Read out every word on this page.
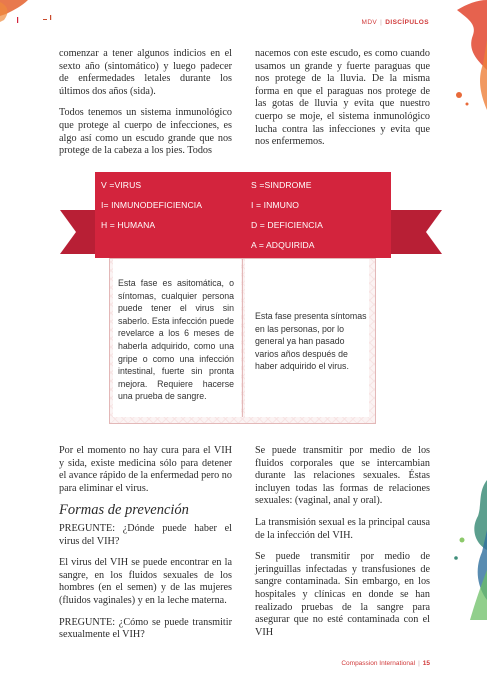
MDV | DISCÍPULOS

comenzar a tener algunos indicios en el sexto año (sintomático) y luego padecer de enfermedades letales durante los últimos dos años (sida).

Todos tenemos un sistema inmunológico que protege al cuerpo de infecciones, es algo así como un escudo grande que nos protege de la cabeza a los pies. Todos

nacemos con este escudo, es como cuando usamos un grande y fuerte paraguas que nos protege de la lluvia. De la misma forma en que el paraguas nos protege de las gotas de lluvia y evita que nuestro cuerpo se moje, el sistema inmunológico lucha contra las infecciones y evita que nos enfermemos.

V =VIRUS
I= INMUNODEFICIENCIA
H = HUMANA
S =SINDROME
I = INMUNO
D = DEFICIENCIA
A = ADQUIRIDA
Esta fase es asitomática, o síntomas, cualquier persona puede tener el virus sin saberlo. Esta infección puede revelarce a los 6 meses de haberla adquirido, como una gripe o como una infección intestinal, fuerte sin pronta mejora. Requiere hacerse una prueba de sangre.
Esta fase presenta síntomas en las personas, por lo general ya han pasado varios años después de haber adquirido el virus.

Por el momento no hay cura para el VIH y sida, existe medicina sólo para detener el avance rápido de la enfermedad pero no para eliminar el virus.

Formas de prevención

PREGUNTE: ¿Dónde puede haber el virus del VIH?

El virus del VIH se puede encontrar en la sangre, en los fluidos sexuales de los hombres (en el semen) y de las mujeres (fluidos vaginales) y en la leche materna.

PREGUNTE: ¿Cómo se puede transmitir sexualmente el VIH?

Se puede transmitir por medio de los fluidos corporales que se intercambian durante las relaciones sexuales. Éstas incluyen todas las formas de relaciones sexuales: (vaginal, anal y oral).

La transmisión sexual es la principal causa de la infección del VIH.

Se puede transmitir por medio de jeringuillas infectadas y transfusiones de sangre contaminada. Sin embargo, en los hospitales y clínicas en donde se han realizado pruebas de la sangre para asegurar que no esté contaminada con el VIH

Compassion International | 15
